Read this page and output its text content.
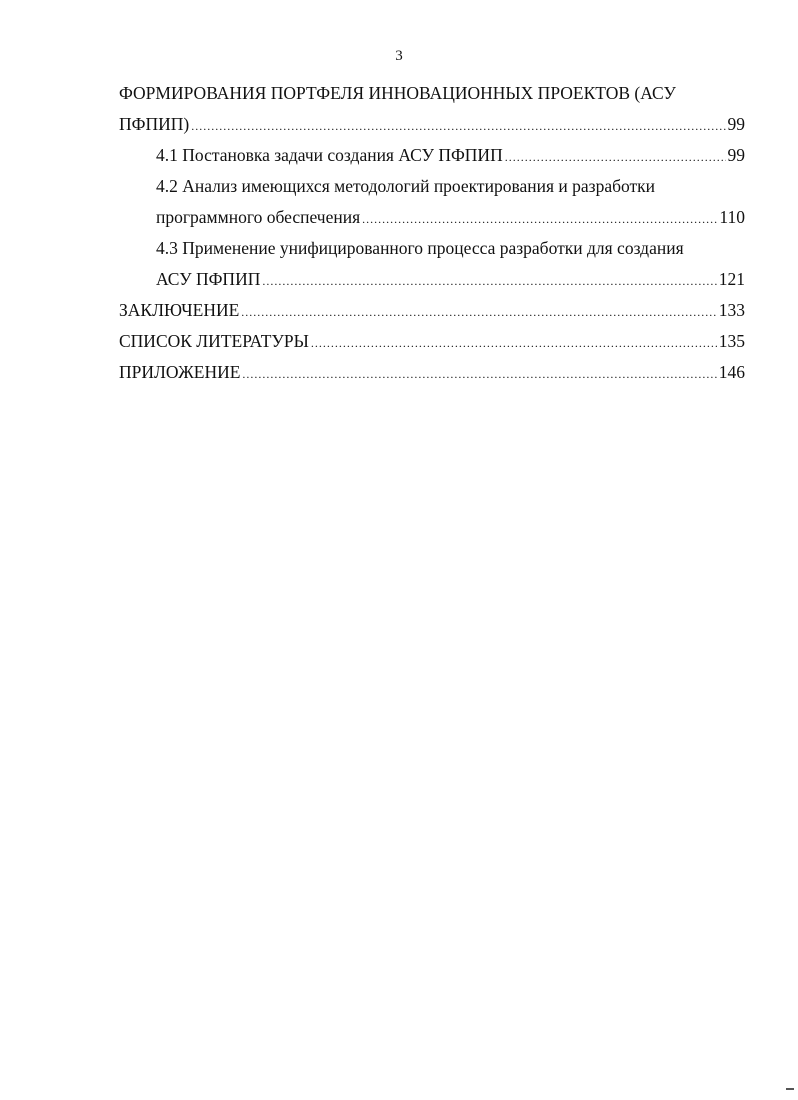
3
ФОРМИРОВАНИЯ ПОРТФЕЛЯ ИННОВАЦИОННЫХ ПРОЕКТОВ (АСУ
ПФПИП) .....	99
4.1 Постановка задачи создания АСУ ПФПИП .....	99
4.2 Анализ имеющихся методологий проектирования и разработки
программного обеспечения .....	110
4.3 Применение унифицированного процесса разработки для создания
АСУ ПФПИП .....	121
ЗАКЛЮЧЕНИЕ .....	133
СПИСОК ЛИТЕРАТУРЫ .....	135
ПРИЛОЖЕНИЕ .....	146
